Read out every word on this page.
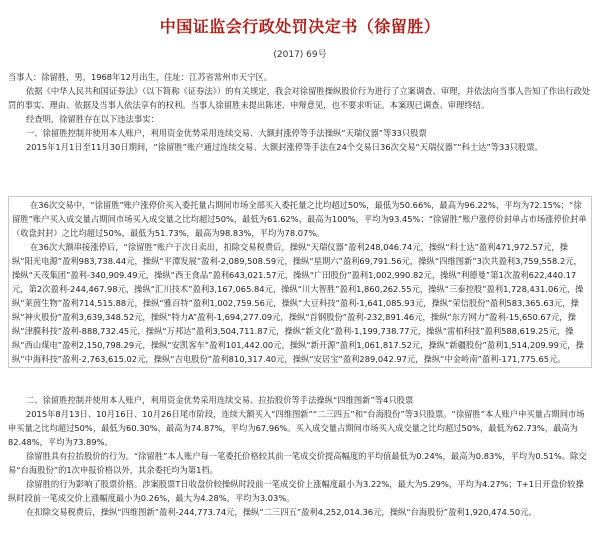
中国证监会行政处罚决定书（徐留胜）
(2017) 69号

当事人：徐留胜，男，1968年12月出生，住址：江苏省常州市天宁区。

依据《中华人民共和国证券法》（以下简称《证券法》）的有关规定，我会对徐留胜操纵股价行为进行了立案调查、审理，并依法向当事人告知了作出行政处罚的事实、理由、依据及当事人依法享有的权利。当事人徐留胜未提出陈述、申辩意见，也不要求听证。本案现已调查、审理终结。

经查明，徐留胜存在以下违法事实：

一、徐留胜控制并使用本人账户，利用资金优势采用连续交易、大额封涨停等手法操纵“天瑞仪器”等33只股票

2015年1月1日至11月30日期间，“徐留胜”账户通过连续交易、大额封涨停等手法在24个交易日36次交易“天瑞仪器”“科士达”等33只股票。

在36次交易中，“徐留胜”账户涨停价买入委托量占期间市场全部买入委托量之比均超过50%，最低为50.66%，最高为96.22%，平均为72.15%；“徐留胜”账户买入成交量占期间市场买入成交量之比均超过50%，最低为61.62%，最高为100%，平均为93.45%；“徐留胜”账户涨停价封单占市场涨停价封单（收盘封封）之比均超过50%，最低为51.73%，最高为98.83%，平均为78.07%。

在36次大额串接涨停后，“徐留胜”账户于次日卖出，扣除交易税费后，操纵“天瑞仪器”盈利248,046.74元，操纵“科士达”盈利471,972.57元，操纵“阳光电源”盈利983,738.44元，操纵“平潭发展”盈利-2,089,508.59元，操纵“星期六”盈利69,791.56元，操纵“四维图新”3次共盈利3,759,558.2元，操纵“天茂集团”盈利-340,909.49元，操纵“西王食品”盈利643,021.57元，操纵“广田股份”盈利1,002,990.82元，操纵“利德曼”第1次盈利622,440.17元，第2次盈利-244,467.98元，操纵“汇川技术”盈利3,167,065.84元，操纵“川大智胜”盈利1,860,262.55元，操纵“三泰控股”盈利1,728,431.06元，操纵“莱茵生物”盈利714,515.88元，操纵“雅百特”盈利1,002,759.56元，操纵“大豆科技”盈利-1,641,085.93元，操纵“荣信股份”盈利583,365.63元，操纵“神火股份”盈利3,639,348.52元，操纵“特力A”盈利-1,694,277.09元，操纵“首钢股份”盈利-232,891.46元，操纵“东方网力”盈利-15,650.67元，操纵“津膜科技”盈利-888,732.45元，操纵“万邦达”盈利3,504,711.87元，操纵“新文化”盈利-1,199,738.77元，操纵“雷柏科技”盈利588,619.25元，操纵“西山煤电”盈利2,150,798.29元，操纵“安凯客车”盈利101,442.00元，操纵“新开源”盈利1,061,817.52元，操纵“新疆股份”盈利1,514,209.99元，操纵“中海科技”盈利-2,763,615.02元，操纵“吉电股份”盈利810,317.40元，操纵“安居宝”盈利289,042.97元，操纵“中金岭南”盈利-171,775.65元。

二、徐留胜控制并使用本人账户，利用资金优势采用连续交易、拉抬股价等手法操纵“四维图新”等4只股票

2015年8月13日、10月16日、10月26日尾市阶段，连续大额买入“四维图新”“二三四五”和“台海股份”等3只股票。“徐留胜”本人账户申买量占期间市场申买量之比均超过50%，最低为60.30%，最高为74.87%，平均为67.96%。买入成交量占期间市场买入成交量之比均超过50%，最低为62.73%，最高为82.48%，平均为73.89%。

徐留胜具有拉抬股价的行为。“徐留胜”本人账户每一笔委托价格较其前一笔成交价提高幅度的平均值最低为0.24%，最高为0.83%，平均为0.51%。除交易“台海股份”的1次申报价格以外，其余委托均为第1档。

徐留胜的行为影响了股票价格。涉案股票T日收盘价较操纵时段前一笔成交价上涨幅度最小为3.22%，最大为5.29%，平均为4.27%；T+1日开盘价较操纵时段前一笔成交价上涨幅度最小为0.26%，最大为4.28%，平均为3.03%。

在扣除交易税费后，操纵“四维图新”盈利-244,773.74元，操纵“二三四五”盈利4,252,014.36元，操纵“台海股份”盈利1,920,474.50元。
